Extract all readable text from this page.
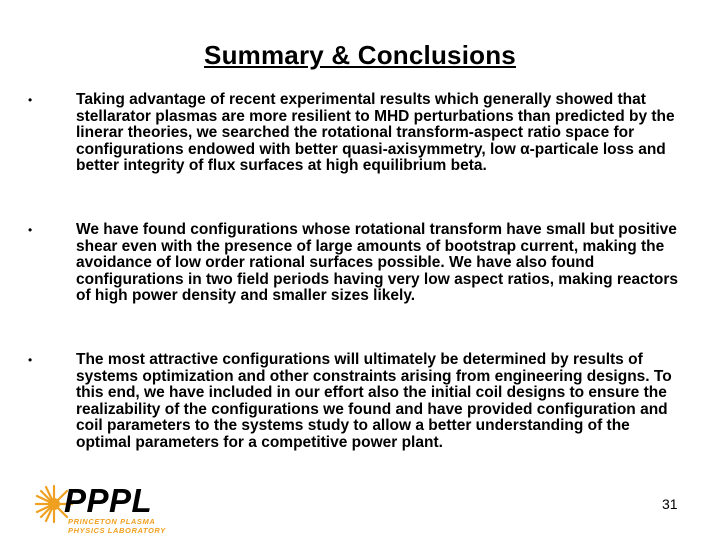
Summary & Conclusions
•	Taking advantage of recent experimental results which generally showed that stellarator plasmas are more resilient to MHD perturbations than predicted by the linerar theories, we searched the rotational transform-aspect ratio space for configurations endowed with better quasi-axisymmetry, low α-particale loss and better integrity of flux surfaces at high equilibrium beta.
•	We have found configurations whose rotational transform have small but positive shear even with the presence of large amounts of bootstrap current, making the avoidance of low order rational surfaces possible. We have also found configurations in two field periods having very low aspect ratios, making reactors of high power density and smaller sizes likely.
•	The most attractive configurations will ultimately be determined by results of systems optimization and other constraints arising from engineering designs. To this end, we have included in our effort also the initial coil designs to ensure the realizability of the configurations we found and have provided configuration and coil parameters to the systems study to allow a better understanding of the optimal parameters for a competitive power plant.
PPPL
PRINCETON PLASMA
PHYSICS LABORATORY
31
